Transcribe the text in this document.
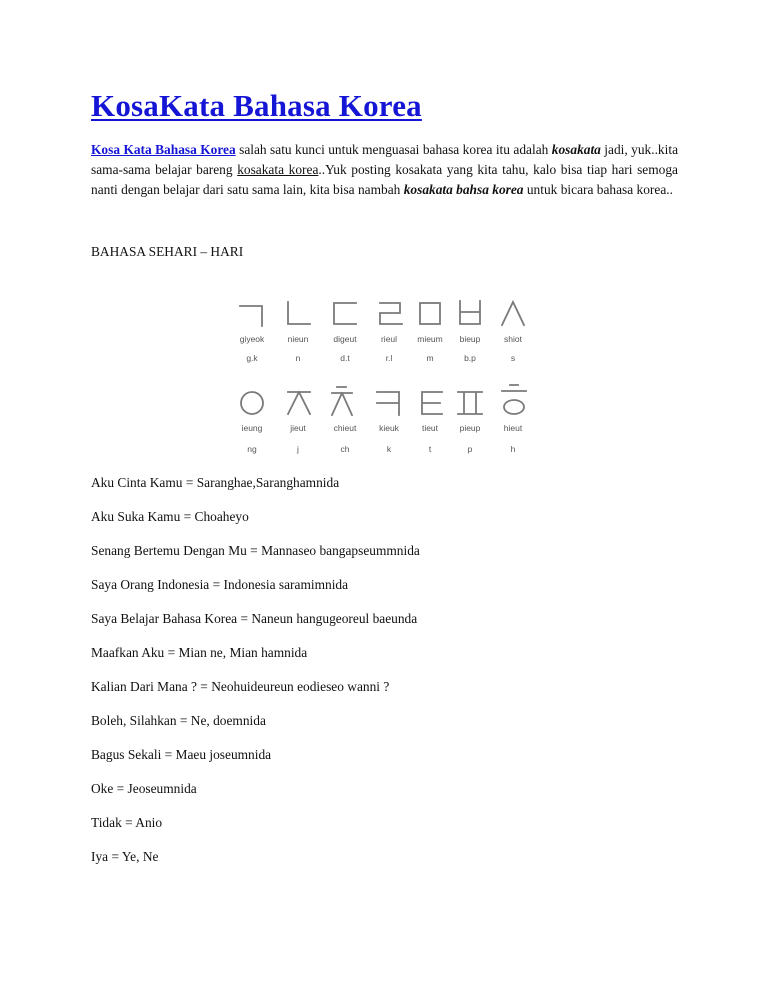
KosaKata Bahasa Korea

Kosa Kata Bahasa Korea salah satu kunci untuk menguasai bahasa korea itu adalah kosakata jadi, yuk..kita sama-sama belajar bareng kosakata korea..Yuk posting kosakata yang kita tahu, kalo bisa tiap hari semoga nanti dengan belajar dari satu sama lain, kita bisa nambah kosakata bahsa korea untuk bicara bahasa korea..

BAHASA SEHARI – HARI

giyeok
g.k
nieun
n
digeut
d.t
rieul
r.l
mieum
m
bieup
b.p
shiot
s
ieung
ng
jieut
j
chieut
ch
kieuk
k
tieut
t
pieup
p
hieut
h
Aku Cinta Kamu = Saranghae,Saranghamnida
Aku Suka Kamu = Choaheyo
Senang Bertemu Dengan Mu = Mannaseo bangapseummnida
Saya Orang Indonesia = Indonesia saramimnida
Saya Belajar Bahasa Korea = Naneun hangugeoreul baeunda
Maafkan Aku = Mian ne, Mian hamnida
Kalian Dari Mana ? = Neohuideureun eodieseo wanni ?
Boleh, Silahkan = Ne, doemnida
Bagus Sekali = Maeu joseumnida
Oke = Jeoseumnida
Tidak = Anio
Iya = Ye, Ne
